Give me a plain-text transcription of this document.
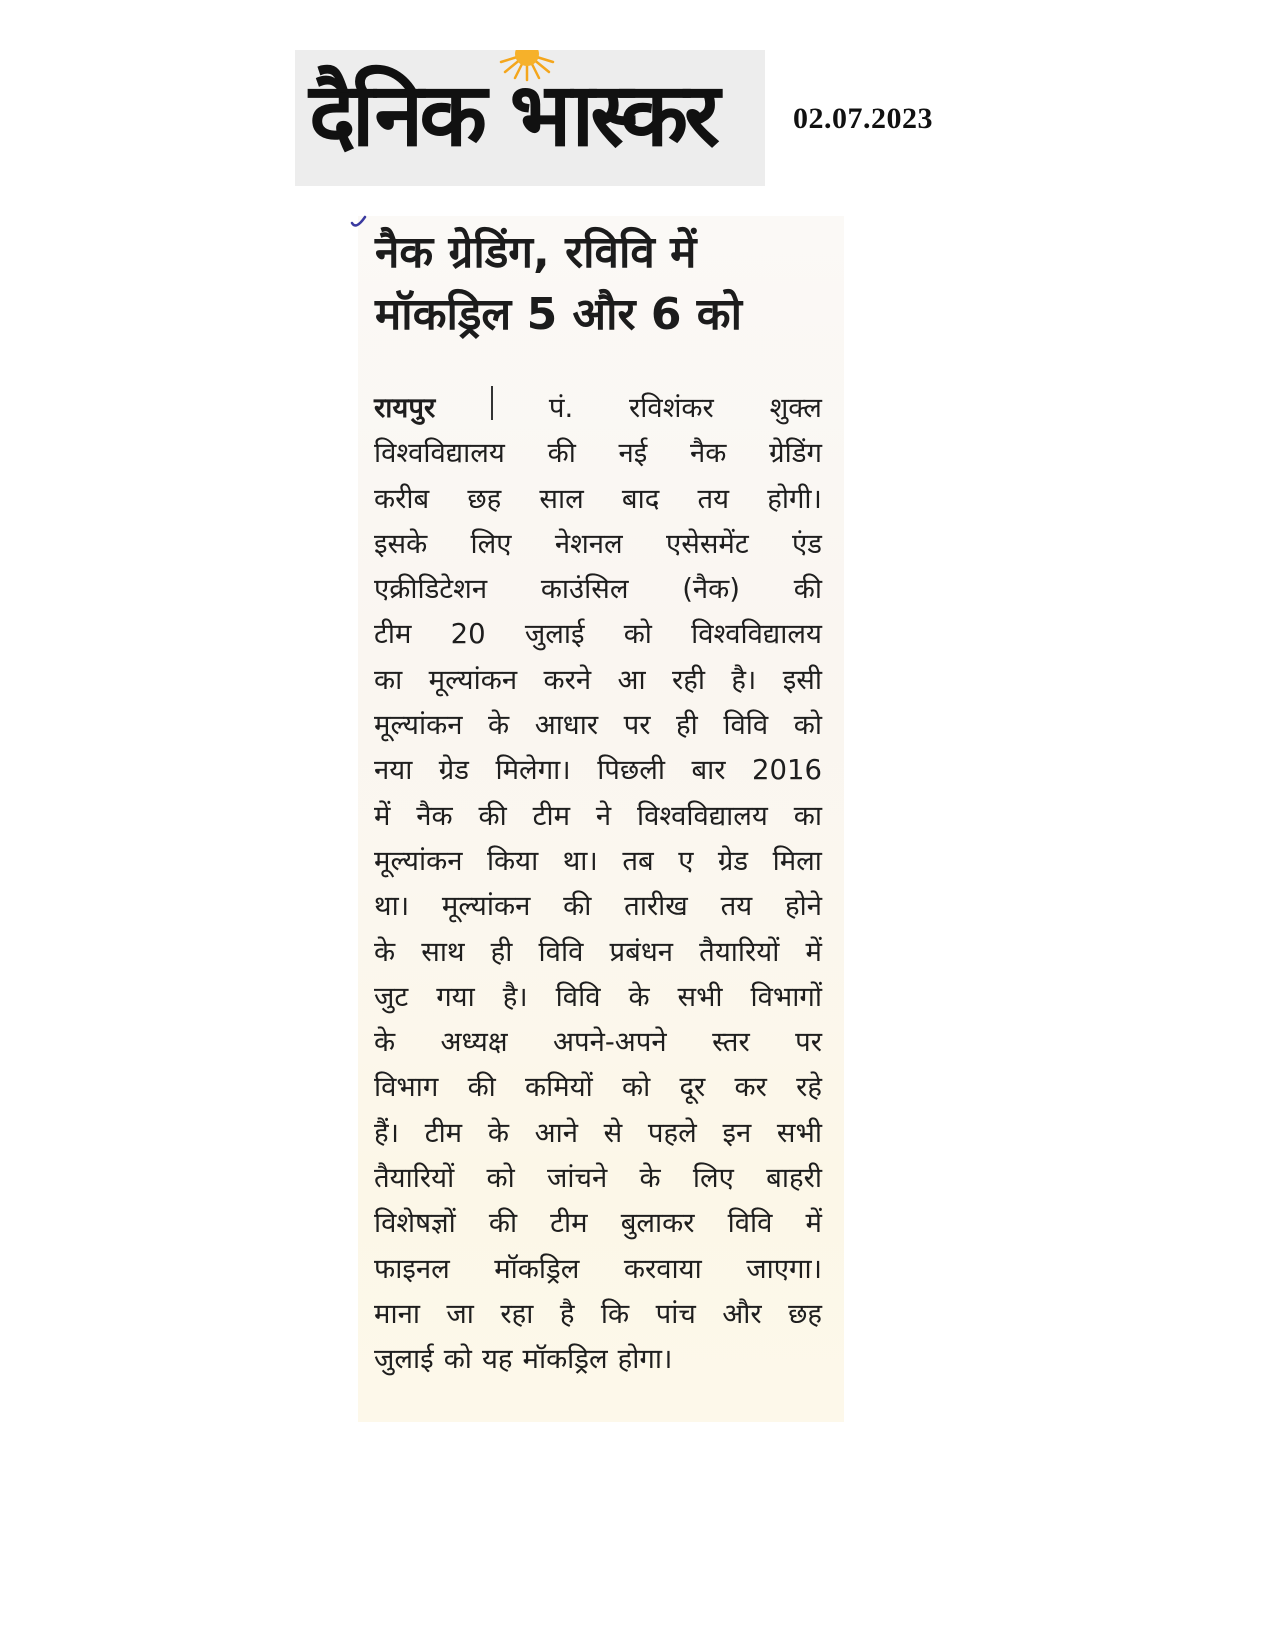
दैनिक भास्कर	02.07.2023
नैक ग्रेडिंग, रविवि में
मॉकड्रिल 5 और 6 को
रायपुर	पं. रविशंकर शुक्ल
विश्वविद्यालय की नई नैक ग्रेडिंग
करीब छह साल बाद तय होगी।
इसके लिए नेशनल एसेसमेंट एंड
एक्रीडिटेशन काउंसिल (नैक) की
टीम 20 जुलाई को विश्वविद्यालय
का मूल्यांकन करने आ रही है। इसी
मूल्यांकन के आधार पर ही विवि को
नया ग्रेड मिलेगा। पिछली बार 2016
में नैक की टीम ने विश्वविद्यालय का
मूल्यांकन किया था। तब ए ग्रेड मिला
था। मूल्यांकन की तारीख तय होने
के साथ ही विवि प्रबंधन तैयारियों में
जुट गया है। विवि के सभी विभागों
के अध्यक्ष अपने-अपने स्तर पर
विभाग की कमियों को दूर कर रहे
हैं। टीम के आने से पहले इन सभी
तैयारियों को जांचने के लिए बाहरी
विशेषज्ञों की टीम बुलाकर विवि में
फाइनल मॉकड्रिल करवाया जाएगा।
माना जा रहा है कि पांच और छह
जुलाई को यह मॉकड्रिल होगा।
